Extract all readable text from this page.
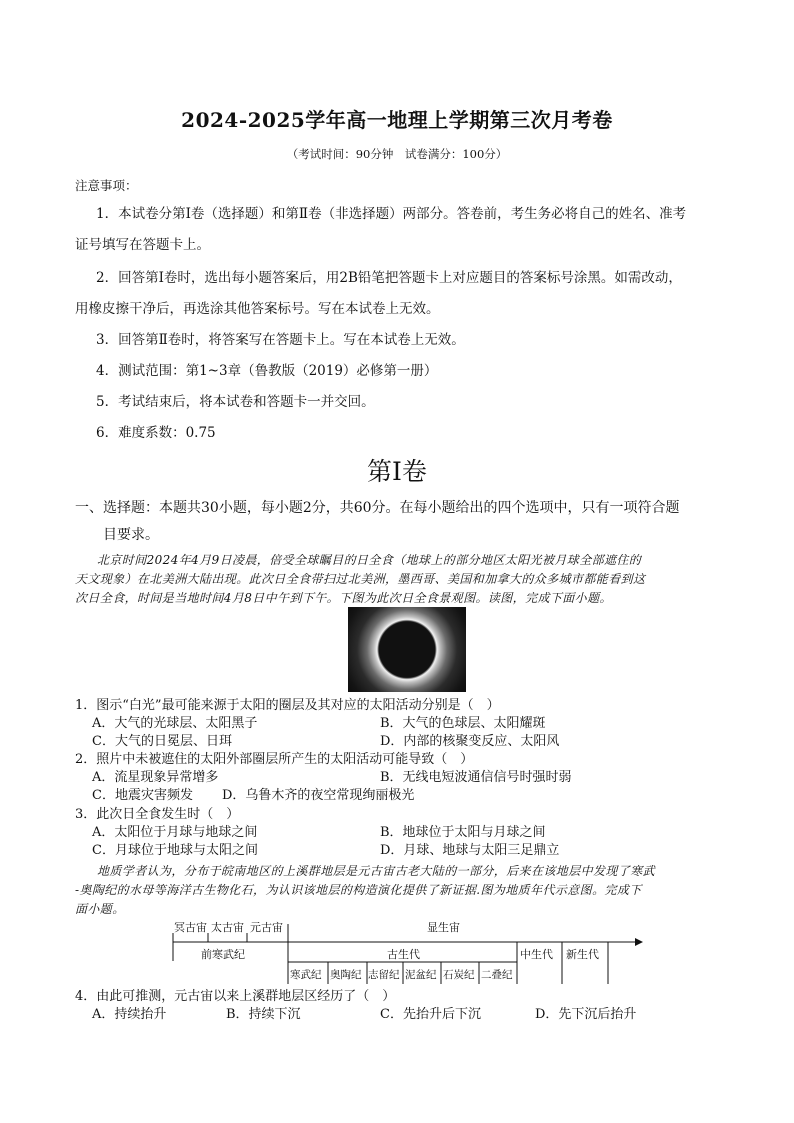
2024-2025学年高一地理上学期第三次月考卷
（考试时间：90分钟　试卷满分：100分）
注意事项：
1．本试卷分第Ⅰ卷（选择题）和第Ⅱ卷（非选择题）两部分。答卷前，考生务必将自己的姓名、准考
证号填写在答题卡上。
2．回答第Ⅰ卷时，选出每小题答案后，用2B铅笔把答题卡上对应题目的答案标号涂黑。如需改动，
用橡皮擦干净后，再选涂其他答案标号。写在本试卷上无效。
3．回答第Ⅱ卷时，将答案写在答题卡上。写在本试卷上无效。
4．测试范围：第1~3章（鲁教版（2019）必修第一册）
5．考试结束后，将本试卷和答题卡一并交回。
6．难度系数：0.75
第Ⅰ卷
一、选择题：本题共30小题，每小题2分，共60分。在每小题给出的四个选项中，只有一项符合题
目要求。
北京时间2024年4月9日凌晨，倍受全球瞩目的日全食（地球上的部分地区太阳光被月球全部遮住的
天文现象）在北美洲大陆出现。此次日全食带扫过北美洲，墨西哥、美国和加拿大的众多城市都能看到这
次日全食，时间是当地时间4月8日中午到下午。下图为此次日全食景观图。读图，完成下面小题。
1．图示“白光”最可能来源于太阳的圈层及其对应的太阳活动分别是（　）
A．大气的光球层、太阳黑子	B．大气的色球层、太阳耀斑
C．大气的日冕层、日珥	D．内部的核聚变反应、太阳风
2．照片中未被遮住的太阳外部圈层所产生的太阳活动可能导致（　）
A．流星现象异常增多	B．无线电短波通信信号时强时弱
C．地震灾害频发 D．乌鲁木齐的夜空常现绚丽极光
3．此次日全食发生时（　）
A．太阳位于月球与地球之间	B．地球位于太阳与月球之间
C．月球位于地球与太阳之间	D．月球、地球与太阳三足鼎立
地质学者认为，分布于皖南地区的上溪群地层是元古宙古老大陆的一部分，后来在该地层中发现了寒武
-奥陶纪的水母等海洋古生物化石，为认识该地层的构造演化提供了新证据.图为地质年代示意图。完成下
面小题。
冥古宙 太古宙 元古宙	显生宙
前寒武纪	古生代	中生代 新生代
寒武纪 奥陶纪 志留纪 泥盆纪 石炭纪 二叠纪
4．由此可推测，元古宙以来上溪群地层区经历了（　）
A．持续抬升	B．持续下沉	C．先抬升后下沉	D．先下沉后抬升
